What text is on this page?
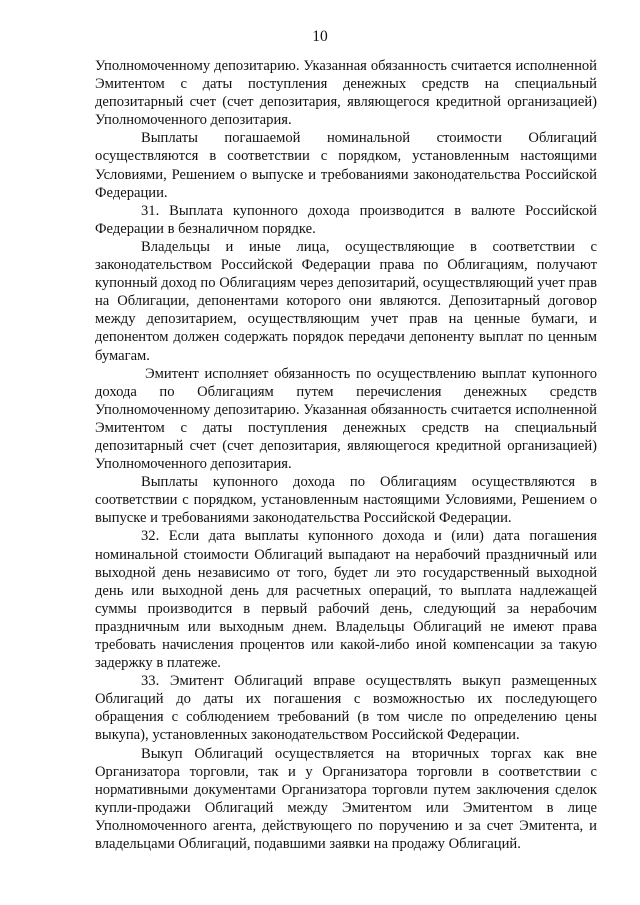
10

Уполномоченному депозитарию. Указанная обязанность считается исполненной Эмитентом с даты поступления денежных средств на специальный депозитарный счет (счет депозитария, являющегося кредитной организацией) Уполномоченного депозитария.

Выплаты погашаемой номинальной стоимости Облигаций осуществляются в соответствии с порядком, установленным настоящими Условиями, Решением о выпуске и требованиями законодательства Российской Федерации.

31. Выплата купонного дохода производится в валюте Российской Федерации в безналичном порядке.

Владельцы и иные лица, осуществляющие в соответствии с законодательством Российской Федерации права по Облигациям, получают купонный доход по Облигациям через депозитарий, осуществляющий учет прав на Облигации, депонентами которого они являются. Депозитарный договор между депозитарием, осуществляющим учет прав на ценные бумаги, и депонентом должен содержать порядок передачи депоненту выплат по ценным бумагам.

Эмитент исполняет обязанность по осуществлению выплат купонного дохода по Облигациям путем перечисления денежных средств Уполномоченному депозитарию. Указанная обязанность считается исполненной Эмитентом с даты поступления денежных средств на специальный депозитарный счет (счет депозитария, являющегося кредитной организацией) Уполномоченного депозитария.

Выплаты купонного дохода по Облигациям осуществляются в соответствии с порядком, установленным настоящими Условиями, Решением о выпуске и требованиями законодательства Российской Федерации.

32. Если дата выплаты купонного дохода и (или) дата погашения номинальной стоимости Облигаций выпадают на нерабочий праздничный или выходной день независимо от того, будет ли это государственный выходной день или выходной день для расчетных операций, то выплата надлежащей суммы производится в первый рабочий день, следующий за нерабочим праздничным или выходным днем. Владельцы Облигаций не имеют права требовать начисления процентов или какой-либо иной компенсации за такую задержку в платеже.

33. Эмитент Облигаций вправе осуществлять выкуп размещенных Облигаций до даты их погашения с возможностью их последующего обращения с соблюдением требований (в том числе по определению цены выкупа), установленных законодательством Российской Федерации.

Выкуп Облигаций осуществляется на вторичных торгах как вне Организатора торговли, так и у Организатора торговли в соответствии с нормативными документами Организатора торговли путем заключения сделок купли-продажи Облигаций между Эмитентом или Эмитентом в лице Уполномоченного агента, действующего по поручению и за счет Эмитента, и владельцами Облигаций, подавшими заявки на продажу Облигаций.
